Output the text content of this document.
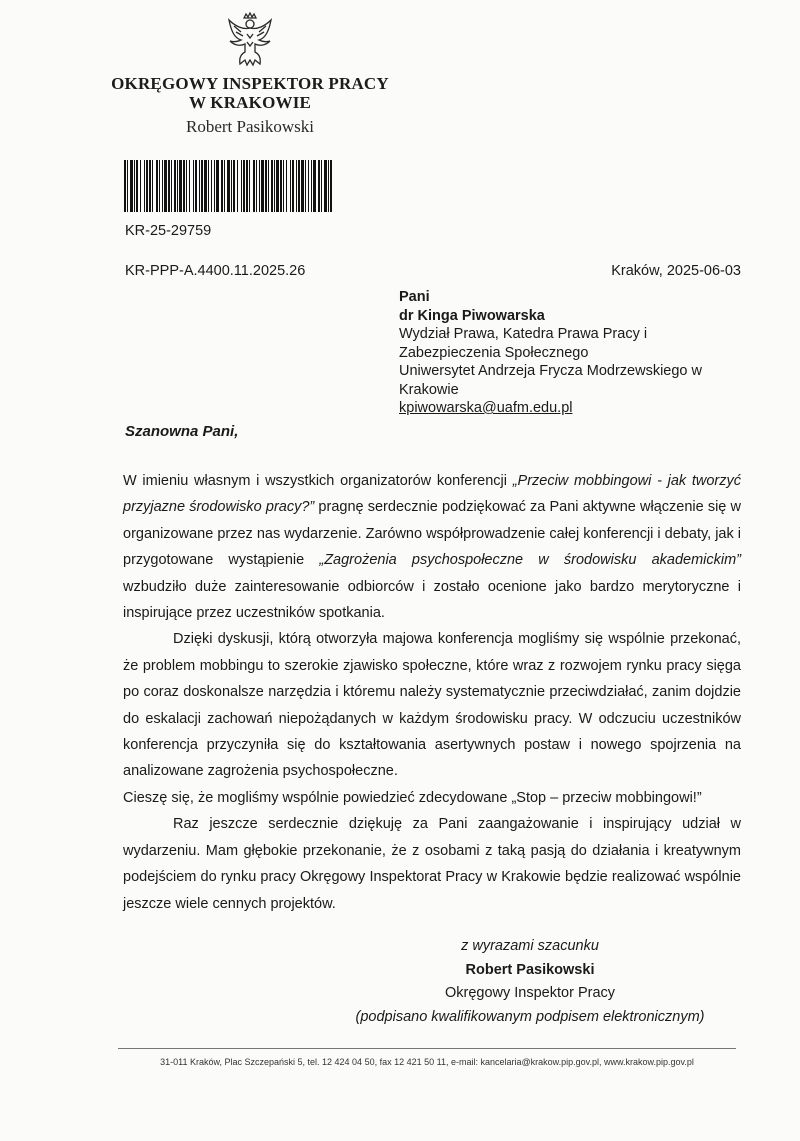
OKRĘGOWY INSPEKTOR PRACY
W KRAKOWIE
Robert Pasikowski
KR-25-29759
KR-PPP-A.4400.11.2025.26	Kraków, 2025-06-03
Pani
dr Kinga Piwowarska
Wydział Prawa, Katedra Prawa Pracy i
Zabezpieczenia Społecznego
Uniwersytet Andrzeja Frycza Modrzewskiego w
Krakowie
kpiwowarska@uafm.edu.pl
Szanowna Pani,

W imieniu własnym i wszystkich organizatorów konferencji „Przeciw mobbingowi - jak tworzyć przyjazne środowisko pracy?” pragnę serdecznie podziękować za Pani aktywne włączenie się w organizowane przez nas wydarzenie. Zarówno współprowadzenie całej konferencji i debaty, jak i przygotowane wystąpienie „Zagrożenia psychospołeczne w środowisku akademickim” wzbudziło duże zainteresowanie odbiorców i zostało ocenione jako bardzo merytoryczne i inspirujące przez uczestników spotkania.

Dzięki dyskusji, którą otworzyła majowa konferencja mogliśmy się wspólnie przekonać, że problem mobbingu to szerokie zjawisko społeczne, które wraz z rozwojem rynku pracy sięga po coraz doskonalsze narzędzia i któremu należy systematycznie przeciwdziałać, zanim dojdzie do eskalacji zachowań niepożądanych w każdym środowisku pracy. W odczuciu uczestników konferencja przyczyniła się do kształtowania asertywnych postaw i nowego spojrzenia na analizowane zagrożenia psychospołeczne.

Cieszę się, że mogliśmy wspólnie powiedzieć zdecydowane „Stop – przeciw mobbingowi!”

Raz jeszcze serdecznie dziękuję za Pani zaangażowanie i inspirujący udział w wydarzeniu. Mam głębokie przekonanie, że z osobami z taką pasją do działania i kreatywnym podejściem do rynku pracy Okręgowy Inspektorat Pracy w Krakowie będzie realizować wspólnie jeszcze wiele cennych projektów.

z wyrazami szacunku
Robert Pasikowski
Okręgowy Inspektor Pracy
(podpisano kwalifikowanym podpisem elektronicznym)
31-011 Kraków, Plac Szczepański 5, tel. 12 424 04 50, fax 12 421 50 11, e-mail: kancelaria@krakow.pip.gov.pl, www.krakow.pip.gov.pl
